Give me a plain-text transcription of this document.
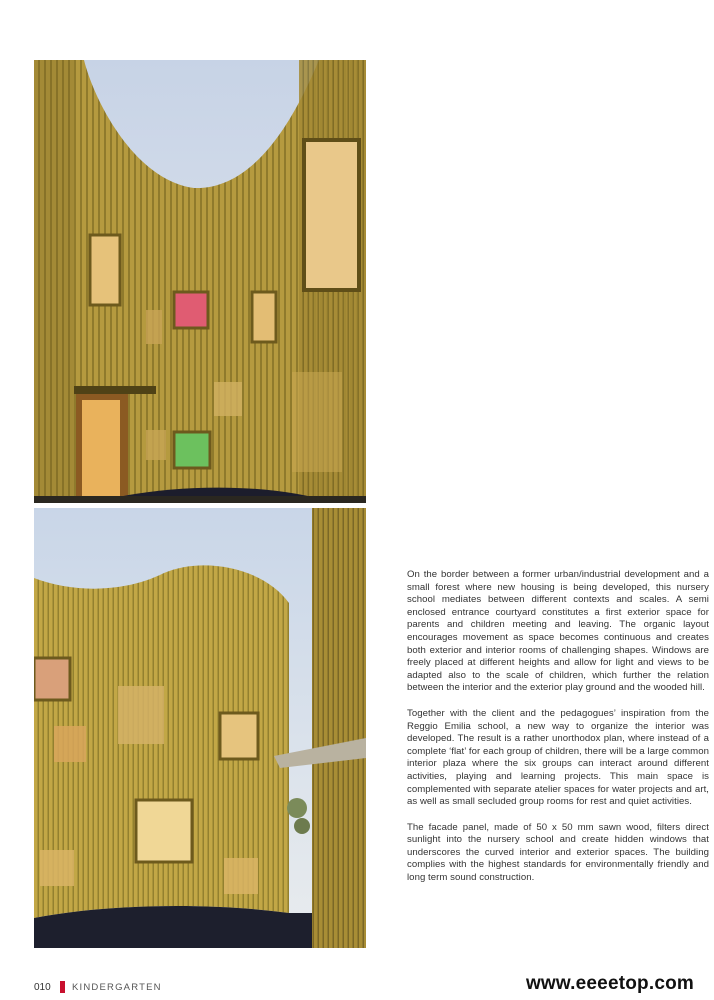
On the border between a former urban/industrial development and a small forest where new housing is being developed, this nursery school mediates between different contexts and scales. A semi enclosed entrance courtyard constitutes a first exterior space for parents and children meeting and leaving. The organic layout encourages movement as space becomes continuous and creates both exterior and interior rooms of challenging shapes. Windows are freely placed at different heights and allow for light and views to be adapted also to the scale of children, which further the relation between the interior and the exterior play ground and the wooded hill.

Together with the client and the pedagogues’ inspiration from the Reggio Emilia school, a new way to organize the interior was developed. The result is a rather unorthodox plan, where instead of a complete ‘flat’ for each group of children, there will be a large common interior plaza where the six groups can interact around different activities, playing and learning projects. This main space is complemented with separate atelier spaces for water projects and art, as well as small secluded group rooms for rest and quiet activities.

The facade panel, made of 50 x 50 mm sawn wood, filters direct sunlight into the nursery school and create hidden windows that underscores the curved interior and exterior spaces. The building complies with the highest standards for environmentally friendly and long term sound construction.

010 KINDERGARTEN	www.eeeetop.com
